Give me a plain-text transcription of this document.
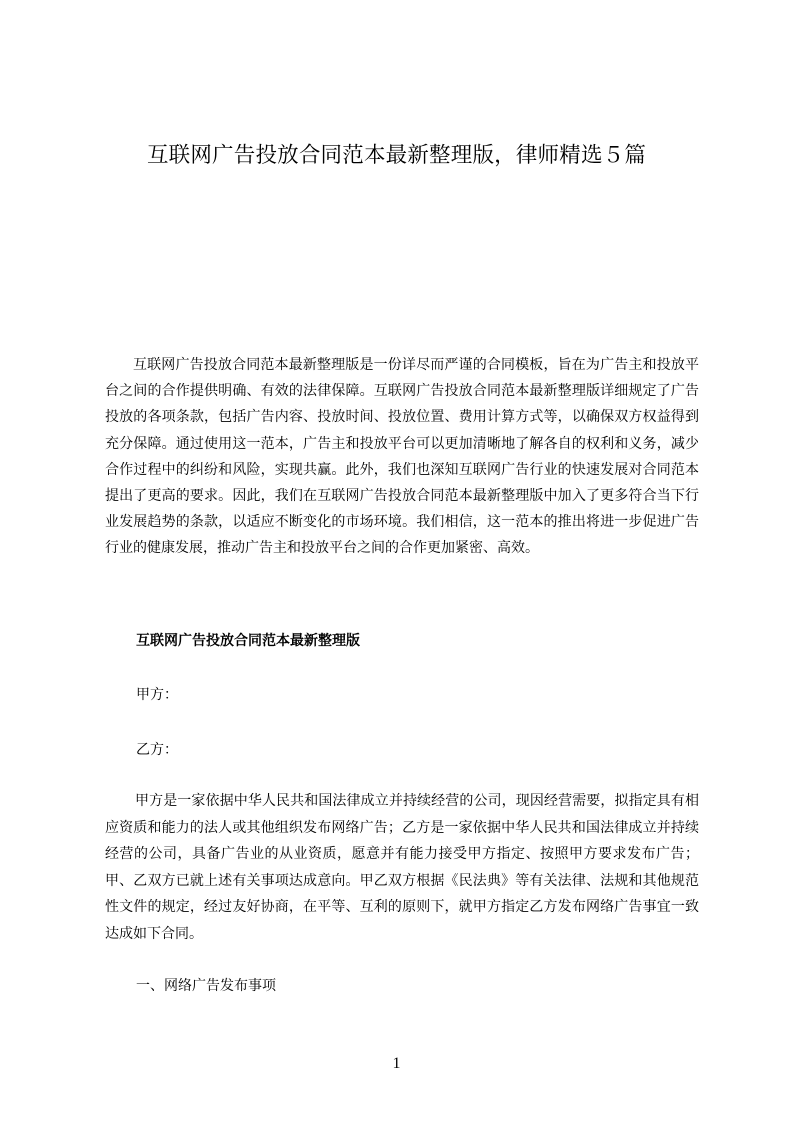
互联网广告投放合同范本最新整理版，律师精选５篇

互联网广告投放合同范本最新整理版是一份详尽而严谨的合同模板，旨在为广告主和投放平台之间的合作提供明确、有效的法律保障。互联网广告投放合同范本最新整理版详细规定了广告投放的各项条款，包括广告内容、投放时间、投放位置、费用计算方式等，以确保双方权益得到充分保障。通过使用这一范本，广告主和投放平台可以更加清晰地了解各自的权利和义务，减少合作过程中的纠纷和风险，实现共赢。此外，我们也深知互联网广告行业的快速发展对合同范本提出了更高的要求。因此，我们在互联网广告投放合同范本最新整理版中加入了更多符合当下行业发展趋势的条款，以适应不断变化的市场环境。我们相信，这一范本的推出将进一步促进广告行业的健康发展，推动广告主和投放平台之间的合作更加紧密、高效。

互联网广告投放合同范本最新整理版

甲方：

乙方：

甲方是一家依据中华人民共和国法律成立并持续经营的公司，现因经营需要，拟指定具有相应资质和能力的法人或其他组织发布网络广告；乙方是一家依据中华人民共和国法律成立并持续经营的公司，具备广告业的从业资质，愿意并有能力接受甲方指定、按照甲方要求发布广告；甲、乙双方已就上述有关事项达成意向。甲乙双方根据《民法典》等有关法律、法规和其他规范性文件的规定，经过友好协商，在平等、互利的原则下，就甲方指定乙方发布网络广告事宜一致达成如下合同。

一、网络广告发布事项

1
